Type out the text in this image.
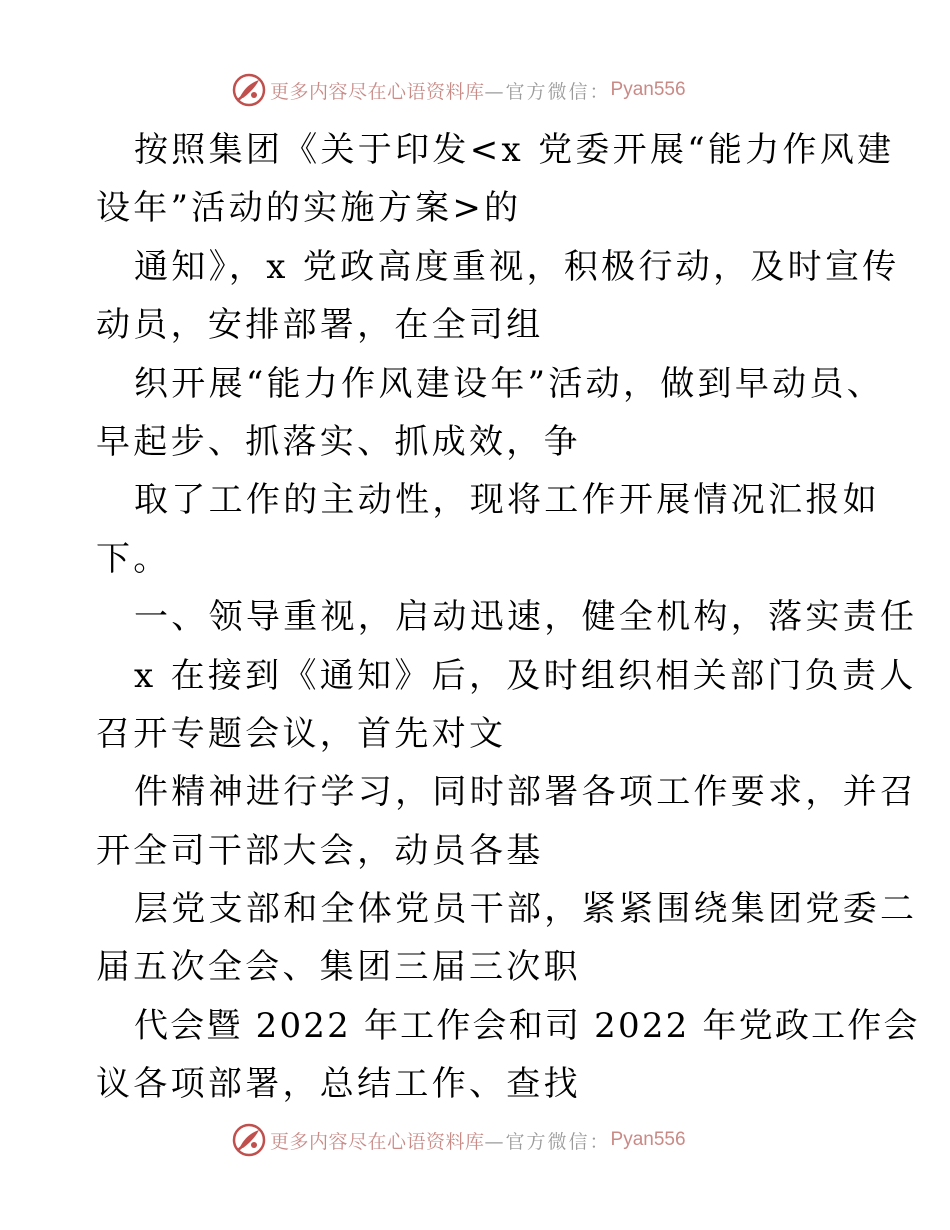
更多内容尽在心语资料库 —官方微信： Pyan556
按照集团《关于印发<x 党委开展“能力作风建
设年”活动的实施方案>的
通知》，x 党政高度重视，积极行动，及时宣传
动员，安排部署，在全司组
织开展“能力作风建设年”活动，做到早动员、
早起步、抓落实、抓成效，争
取了工作的主动性，现将工作开展情况汇报如
下。
一、领导重视，启动迅速，健全机构，落实责任
x 在接到《通知》后，及时组织相关部门负责人
召开专题会议，首先对文
件精神进行学习，同时部署各项工作要求，并召
开全司干部大会，动员各基
层党支部和全体党员干部，紧紧围绕集团党委二
届五次全会、集团三届三次职
代会暨 2022 年工作会和司 2022 年党政工作会
议各项部署，总结工作、查找
更多内容尽在心语资料库 —官方微信： Pyan556
